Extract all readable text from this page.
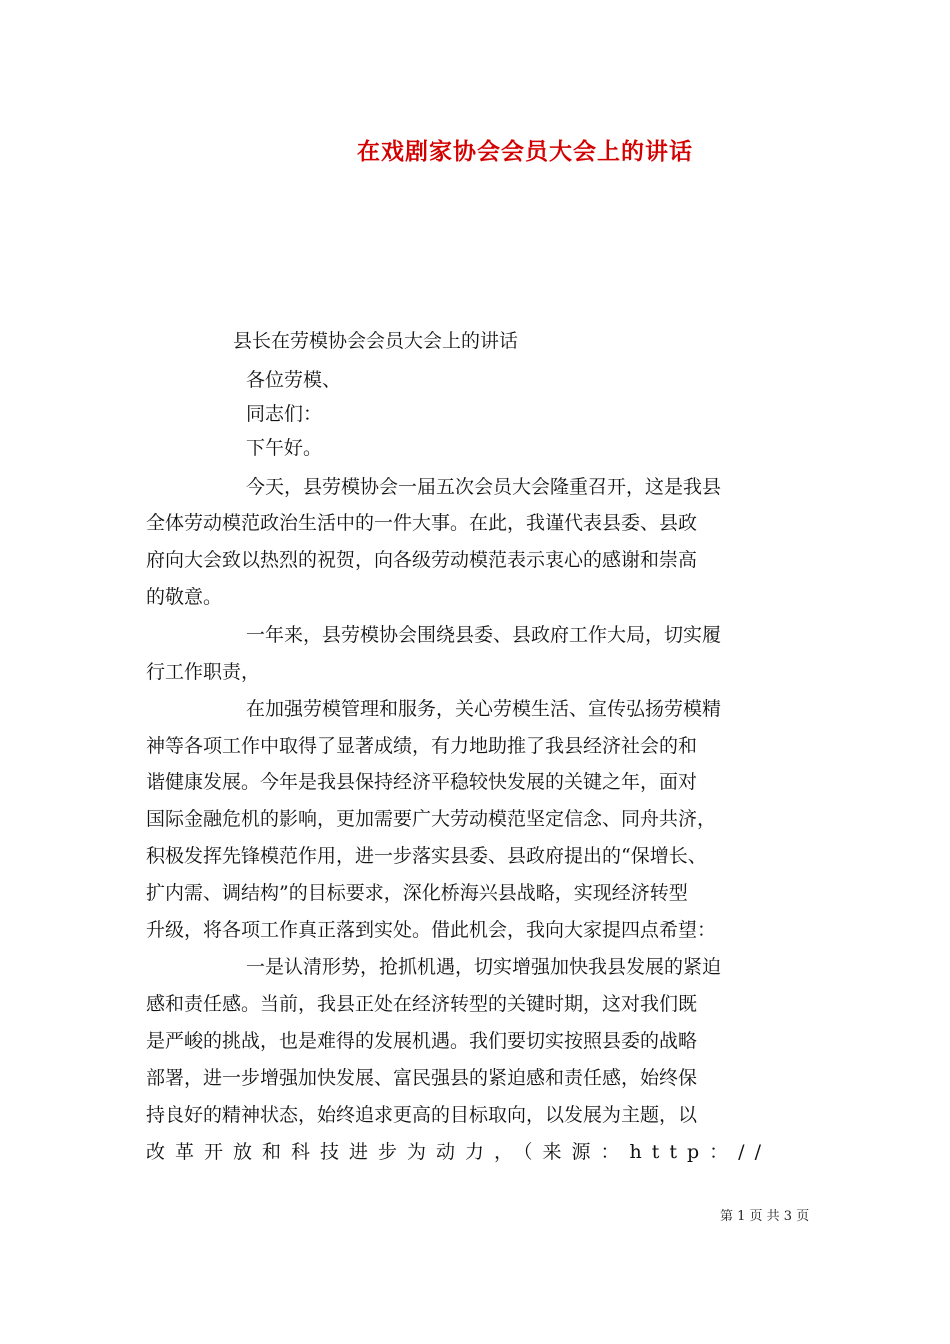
在戏剧家协会会员大会上的讲话
县长在劳模协会会员大会上的讲话
各位劳模、
同志们：
下午好。
今天，县劳模协会一届五次会员大会隆重召开，这是我县
全体劳动模范政治生活中的一件大事。在此，我谨代表县委、县政
府向大会致以热烈的祝贺，向各级劳动模范表示衷心的感谢和崇高
的敬意。
一年来，县劳模协会围绕县委、县政府工作大局，切实履
行工作职责，
在加强劳模管理和服务，关心劳模生活、宣传弘扬劳模精
神等各项工作中取得了显著成绩，有力地助推了我县经济社会的和
谐健康发展。今年是我县保持经济平稳较快发展的关键之年，面对
国际金融危机的影响，更加需要广大劳动模范坚定信念、同舟共济，
积极发挥先锋模范作用，进一步落实县委、县政府提出的“保增长、
扩内需、调结构”的目标要求，深化桥海兴县战略，实现经济转型
升级，将各项工作真正落到实处。借此机会，我向大家提四点希望：
一是认清形势，抢抓机遇，切实增强加快我县发展的紧迫
感和责任感。当前，我县正处在经济转型的关键时期，这对我们既
是严峻的挑战，也是难得的发展机遇。我们要切实按照县委的战略
部署，进一步增强加快发展、富民强县的紧迫感和责任感，始终保
持良好的精神状态，始终追求更高的目标取向，以发展为主题，以
改革开放和科技进步为动力，（来源：http：//
第 1 页 共 3 页
